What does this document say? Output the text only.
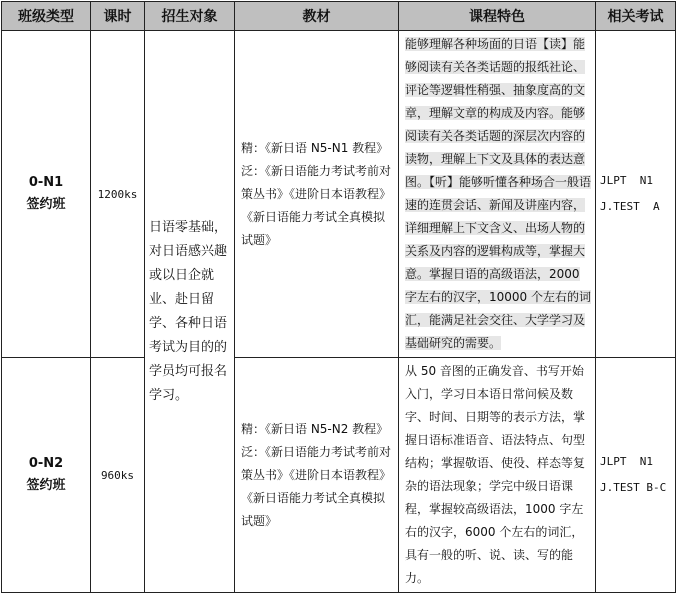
班级类型	课时	招生对象	教材	课程特色	相关考试

0-N1
签约班	1200ks	日语零基础，对日语感兴趣或以日企就业、赴日留学、各种日语考试为目的的学员均可报名学习。	精：《新日语 N5-N1 教程》泛：《新日语能力考试考前对策丛书》《进阶日本语教程》《新日语能力考试全真模拟试题》	能够理解各种场面的日语【读】能够阅读有关各类话题的报纸社论、评论等逻辑性稍强、抽象度高的文章，理解文章的构成及内容。能够阅读有关各类话题的深层次内容的读物，理解上下文及具体的表达意图。【听】能够听懂各种场合一般语速的连贯会话、新闻及讲座内容，详细理解上下文含义、出场人物的关系及内容的逻辑构成等，掌握大意。掌握日语的高级语法，2000 字左右的汉字，10000 个左右的词汇，能满足社会交往、大学学习及基础研究的需要。	JLPT  N1
J.TEST  A

0-N2
签约班	960ks		精：《新日语 N5-N2 教程》泛：《新日语能力考试考前对策丛书》《进阶日本语教程》《新日语能力考试全真模拟试题》	从 50 音图的正确发音、书写开始入门，学习日本语日常问候及数字、时间、日期等的表示方法，掌握日语标准语音、语法特点、句型结构；掌握敬语、使役、样态等复杂的语法现象；学完中级日语课程，掌握较高级语法，1000 字左右的汉字，6000 个左右的词汇，具有一般的听、说、读、写的能力。	JLPT  N1
J.TEST B-C
